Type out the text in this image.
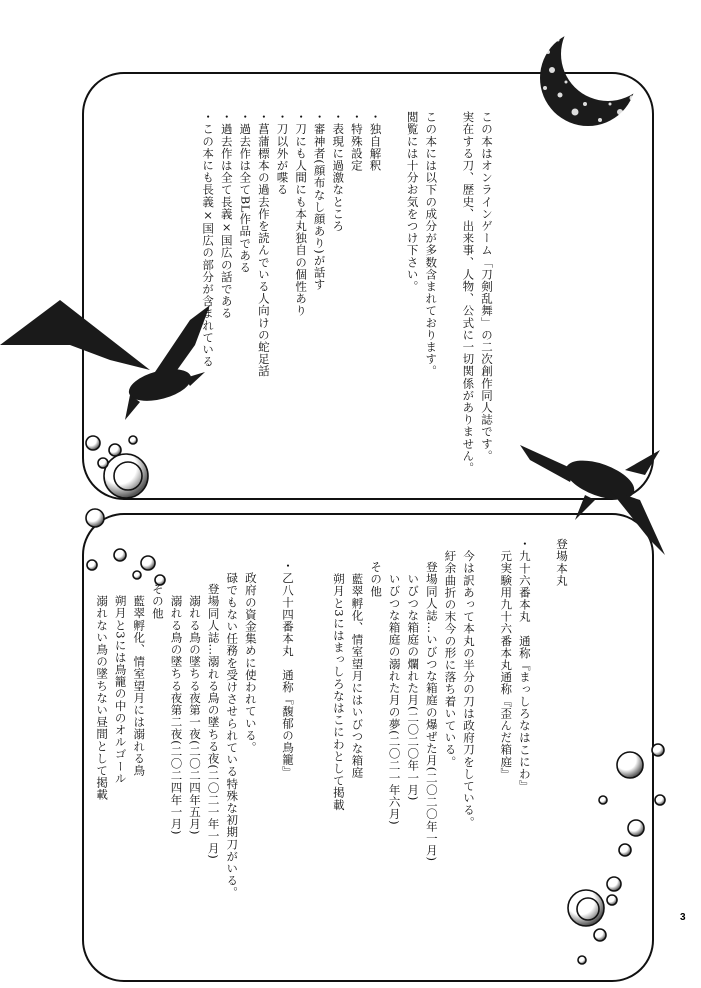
この本はオンラインゲーム「刀剣乱舞」の二次創作同人誌です。

実在する刀、歴史、出来事、人物、公式に一切関係がありません。

この本には以下の成分が多数含まれております。

閲覧には十分お気をつけ下さい。

・独自解釈

・特殊設定

・表現に過激なところ

・審神者(顔布なし顔あり)が話す

・刀にも人間にも本丸独自の個性あり

・刀以外が喋る

・菖蒲標本の過去作を読んでいる人向けの蛇足話

・過去作は全てBL作品である

・過去作は全て長義×国広の話である

・この本にも長義×国広の部分が含まれている

登場本丸

・九十六番本丸　通称『まっしろなはこにわ』

元実験用九十六番本丸通称『歪んだ箱庭』

今は訳あって本丸の半分の刀は政府刀をしている。

紆余曲折の末今の形に落ち着いている。

登場同人誌…いびつな箱庭の爆ぜた月(二〇二〇年一月)

いびつな箱庭の爛れた月(二〇二〇年一月)

いびつな箱庭の溺れた月の夢(二〇二一年六月)

その他

藍翠孵化、情室望月にはいびつな箱庭

朔月と3にはまっしろなはこにわとして掲載

・乙八十四番本丸　通称『馥郁の鳥籠』

政府の資金集めに使われている。

碌でもない任務を受けさせられている特殊な初期刀がいる。

登場同人誌…溺れる鳥の墜ちる夜(二〇二一年一月)

溺れる鳥の墜ちる夜第一夜(二〇二四年五月)

溺れる鳥の墜ちる夜第二夜(二〇二四年一月)

その他

藍翠孵化、情室望月には溺れる鳥

朔月と3には鳥籠の中のオルゴール

溺れない鳥の墜ちない昼間として掲載

3
